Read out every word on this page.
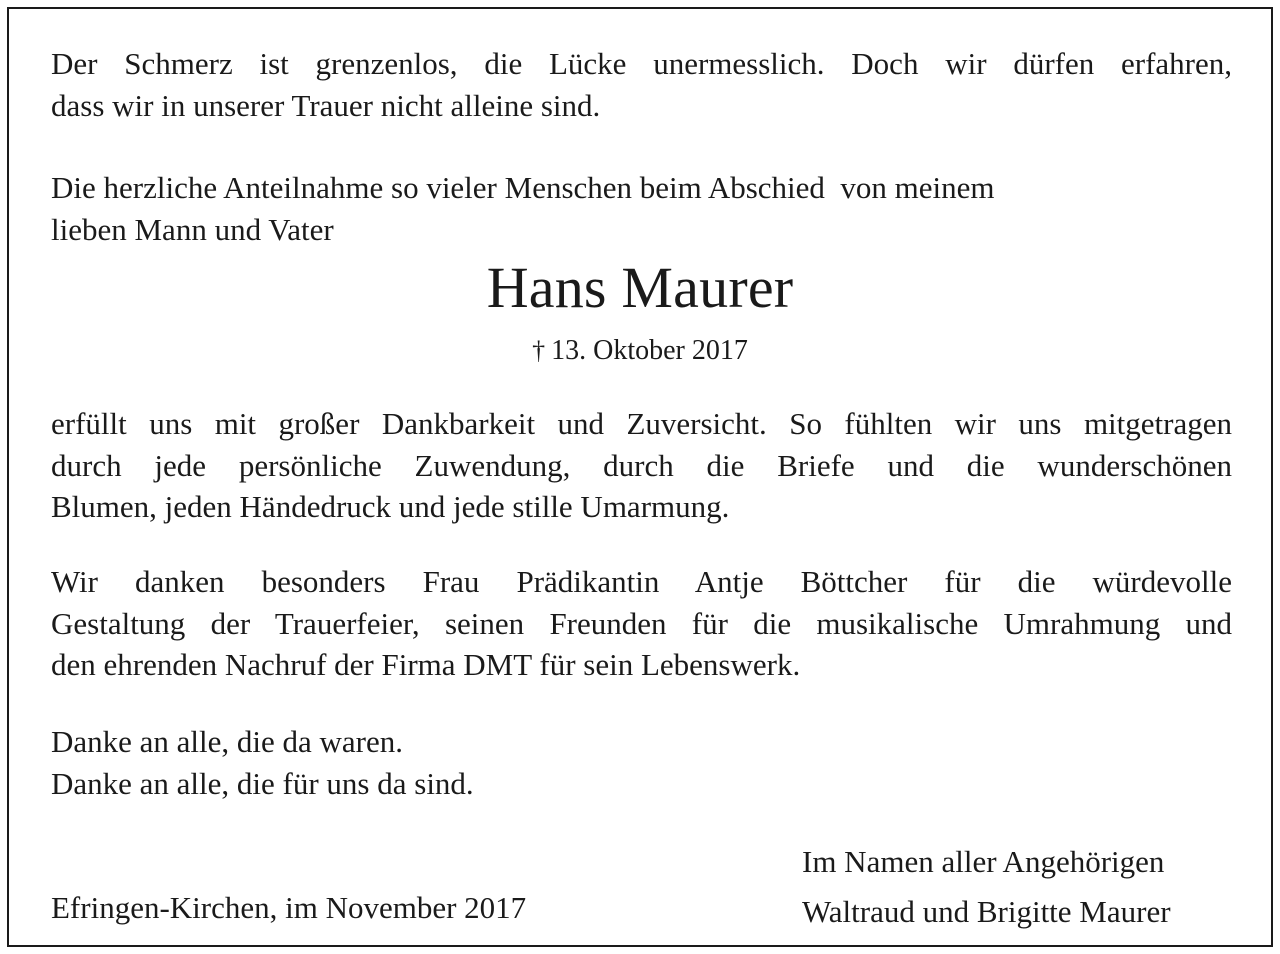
Der Schmerz ist grenzenlos, die Lücke unermesslich. Doch wir dürfen erfahren,
dass wir in unserer Trauer nicht alleine sind.

Die herzliche Anteilnahme so vieler Menschen beim Abschied  von meinem
lieben Mann und Vater

Hans Maurer
† 13. Oktober 2017

erfüllt uns mit großer Dankbarkeit und Zuversicht. So fühlten wir uns mitgetragen
durch jede persönliche Zuwendung, durch die Briefe und die wunderschönen
Blumen, jeden Händedruck und jede stille Umarmung.

Wir danken besonders Frau Prädikantin Antje Böttcher für die würdevolle
Gestaltung der Trauerfeier, seinen Freunden für die musikalische Umrahmung und
den ehrenden Nachruf der Firma DMT für sein Lebenswerk.

Danke an alle, die da waren.
Danke an alle, die für uns da sind.

Efringen-Kirchen, im November 2017
Im Namen aller Angehörigen
Waltraud und Brigitte Maurer
